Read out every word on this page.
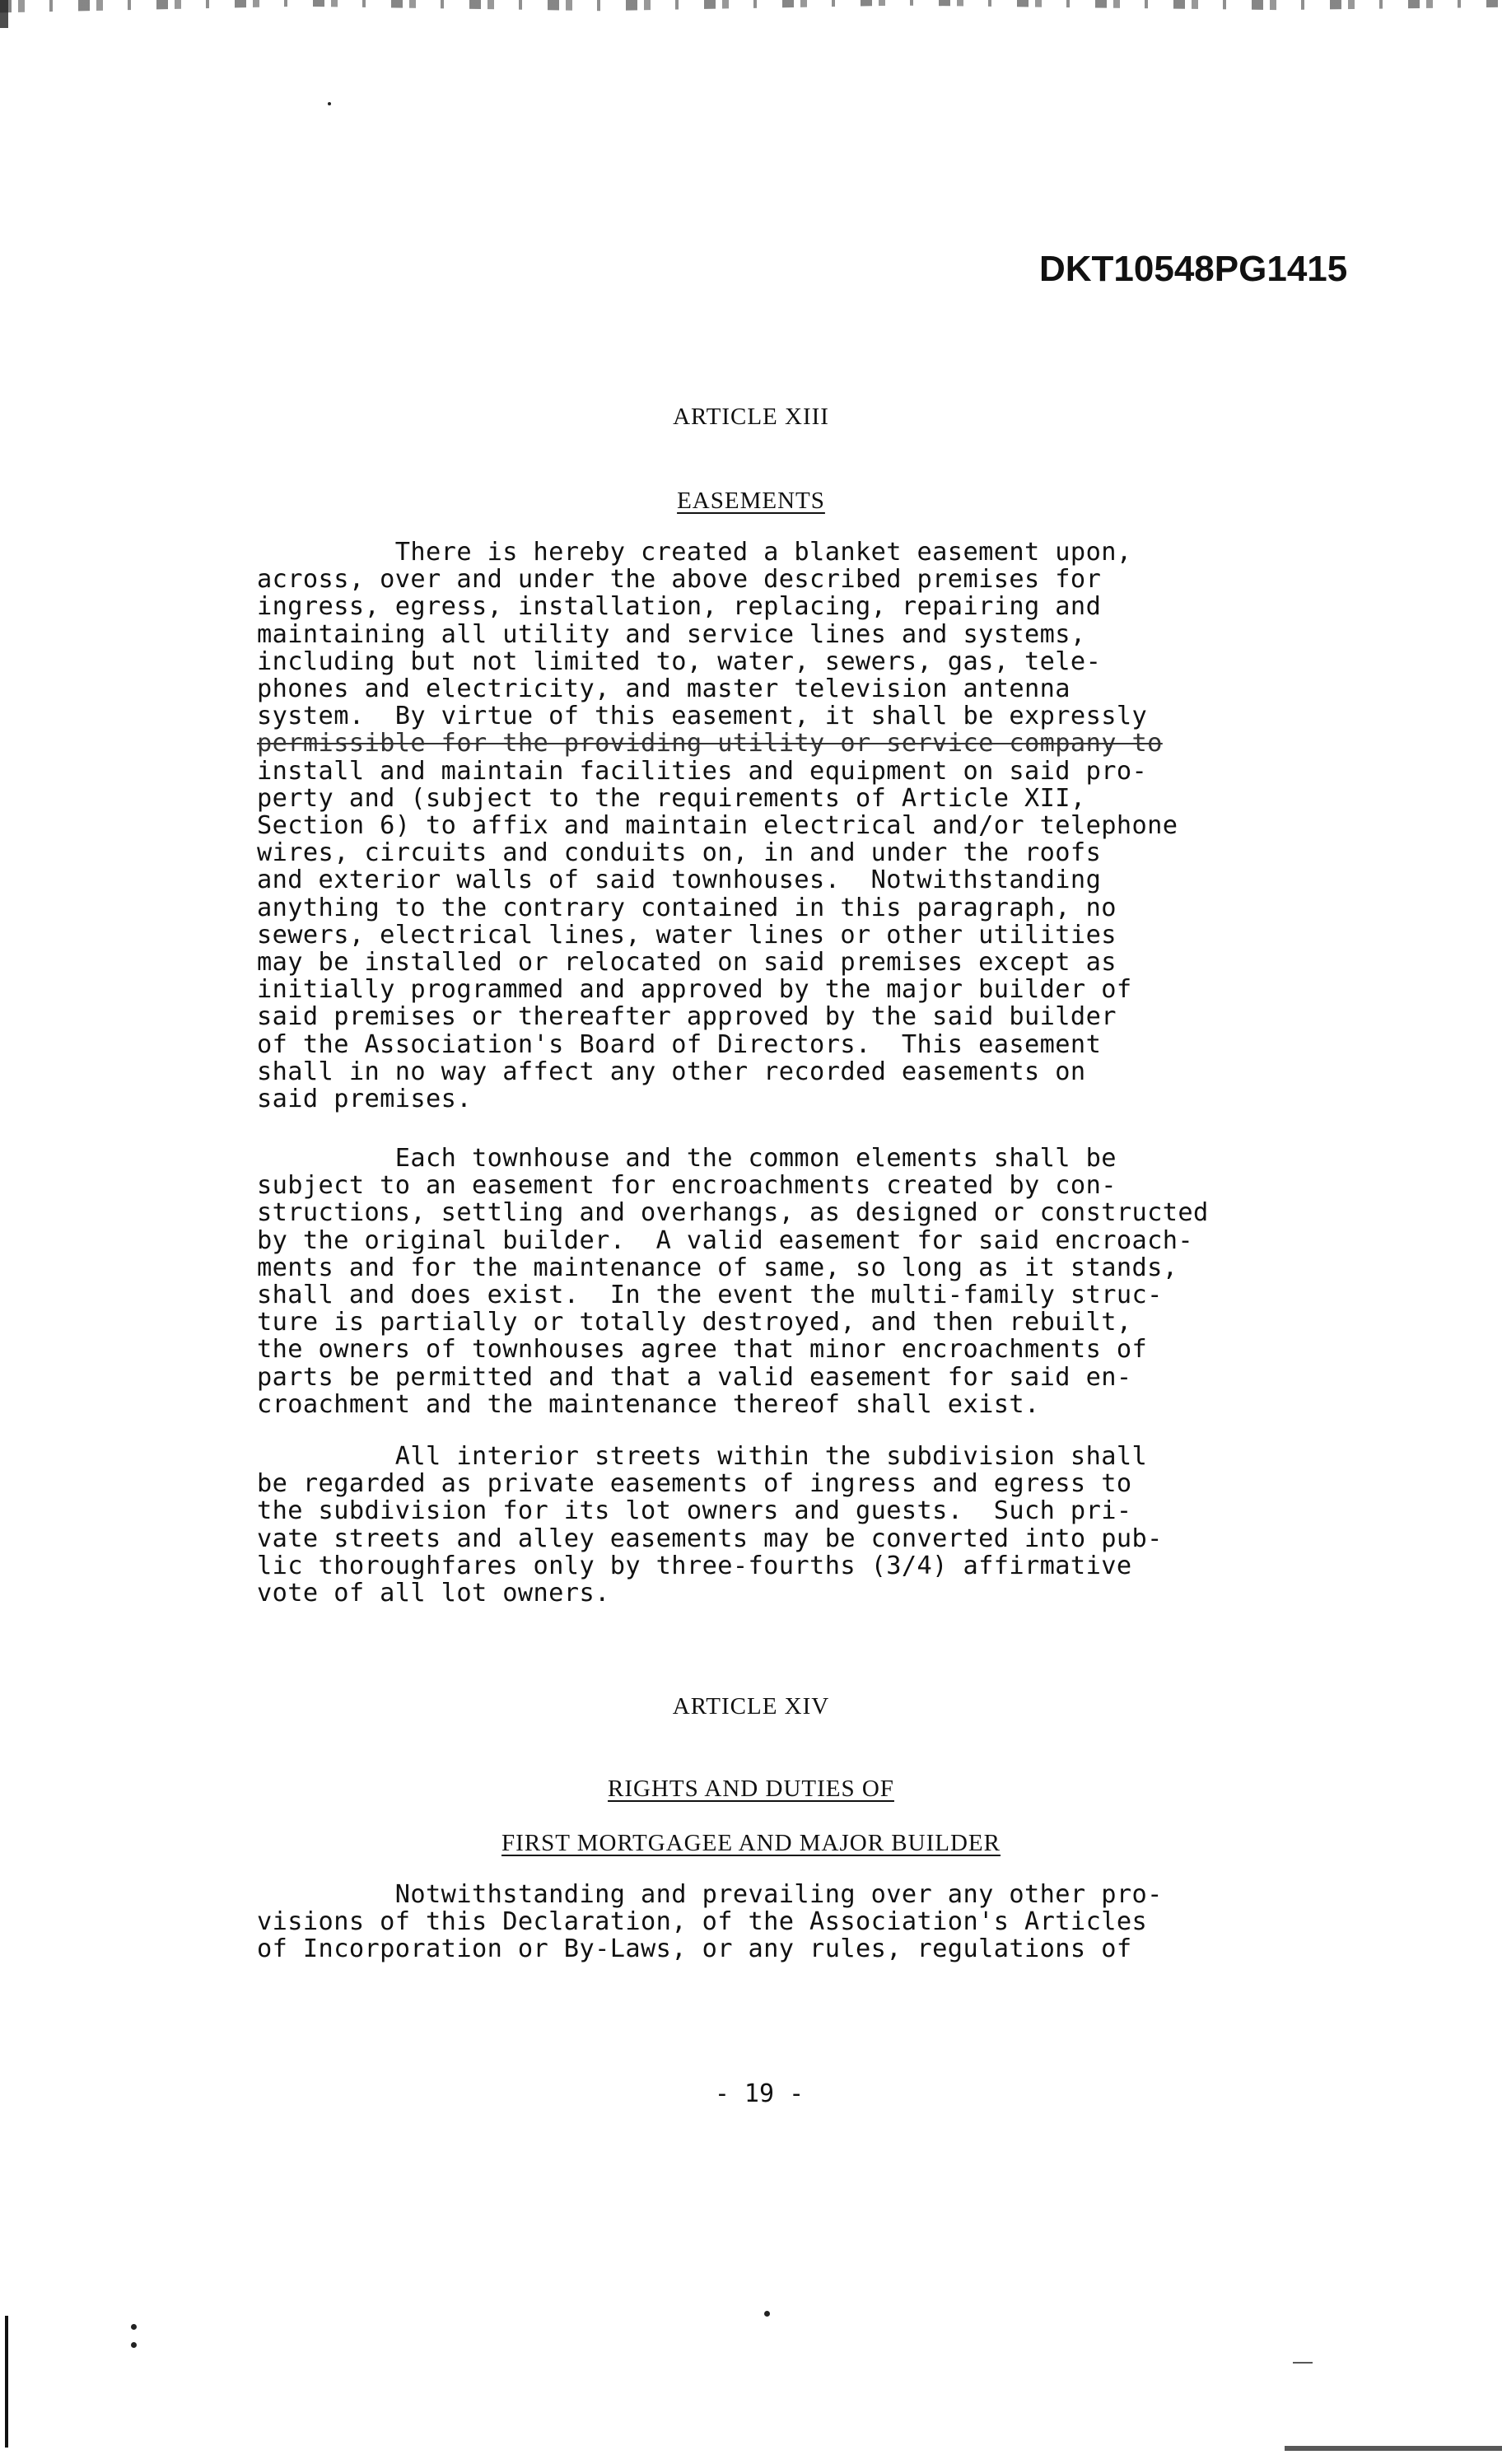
DKT10548PG1415
ARTICLE XIII
EASEMENTS
There is hereby created a blanket easement upon,
across, over and under the above described premises for
ingress, egress, installation, replacing, repairing and
maintaining all utility and service lines and systems,
including but not limited to, water, sewers, gas, tele-
phones and electricity, and master television antenna
system.  By virtue of this easement, it shall be expressly
permissible for the providing utility or service company to
install and maintain facilities and equipment on said pro-
perty and (subject to the requirements of Article XII,
Section 6) to affix and maintain electrical and/or telephone
wires, circuits and conduits on, in and under the roofs
and exterior walls of said townhouses.  Notwithstanding
anything to the contrary contained in this paragraph, no
sewers, electrical lines, water lines or other utilities
may be installed or relocated on said premises except as
initially programmed and approved by the major builder of
said premises or thereafter approved by the said builder
of the Association's Board of Directors.  This easement
shall in no way affect any other recorded easements on
said premises.
Each townhouse and the common elements shall be
subject to an easement for encroachments created by con-
structions, settling and overhangs, as designed or constructed
by the original builder.  A valid easement for said encroach-
ments and for the maintenance of same, so long as it stands,
shall and does exist.  In the event the multi-family struc-
ture is partially or totally destroyed, and then rebuilt,
the owners of townhouses agree that minor encroachments of
parts be permitted and that a valid easement for said en-
croachment and the maintenance thereof shall exist.
All interior streets within the subdivision shall
be regarded as private easements of ingress and egress to
the subdivision for its lot owners and guests.  Such pri-
vate streets and alley easements may be converted into pub-
lic thoroughfares only by three-fourths (3/4) affirmative
vote of all lot owners.
ARTICLE XIV
RIGHTS AND DUTIES OF
FIRST MORTGAGEE AND MAJOR BUILDER
Notwithstanding and prevailing over any other pro-
visions of this Declaration, of the Association's Articles
of Incorporation or By-Laws, or any rules, regulations of
- 19 -
